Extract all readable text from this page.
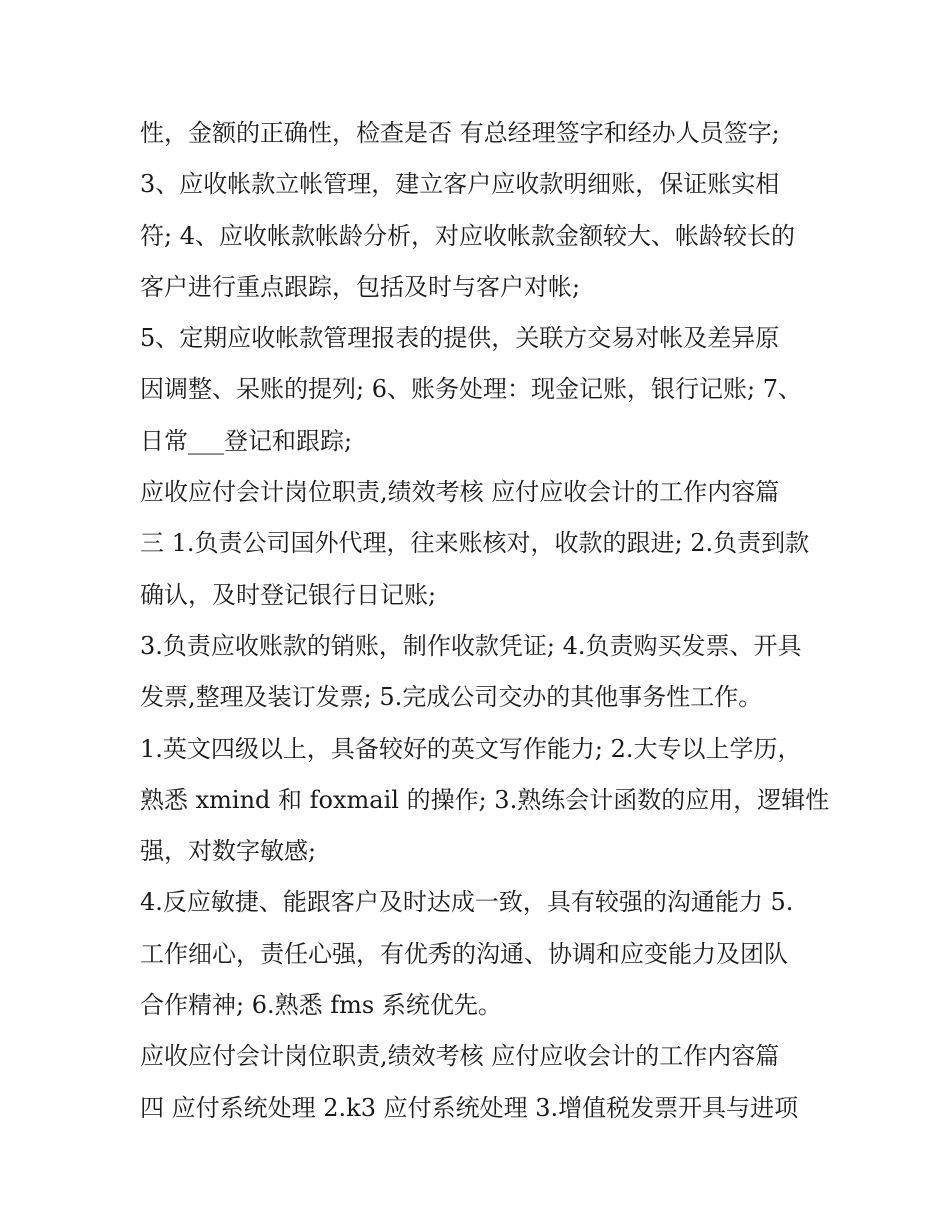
性，金额的正确性，检查是否 有总经理签字和经办人员签字;
3、应收帐款立帐管理，建立客户应收款明细账，保证账实相
符; 4、应收帐款帐龄分析，对应收帐款金额较大、帐龄较长的
客户进行重点跟踪，包括及时与客户对帐;
5、定期应收帐款管理报表的提供，关联方交易对帐及差异原
因调整、呆账的提列; 6、账务处理：现金记账，银行记账; 7、
日常___登记和跟踪;
应收应付会计岗位职责,绩效考核 应付应收会计的工作内容篇
三 1.负责公司国外代理，往来账核对，收款的跟进; 2.负责到款
确认，及时登记银行日记账;
3.负责应收账款的销账，制作收款凭证; 4.负责购买发票、开具
发票,整理及装订发票; 5.完成公司交办的其他事务性工作。
1.英文四级以上，具备较好的英文写作能力; 2.大专以上学历，
熟悉 xmind 和 foxmail 的操作; 3.熟练会计函数的应用，逻辑性
强，对数字敏感;
4.反应敏捷、能跟客户及时达成一致，具有较强的沟通能力 5.
工作细心，责任心强，有优秀的沟通、协调和应变能力及团队
合作精神; 6.熟悉 fms 系统优先。
应收应付会计岗位职责,绩效考核 应付应收会计的工作内容篇
四 应付系统处理 2.k3 应付系统处理 3.增值税发票开具与进项
